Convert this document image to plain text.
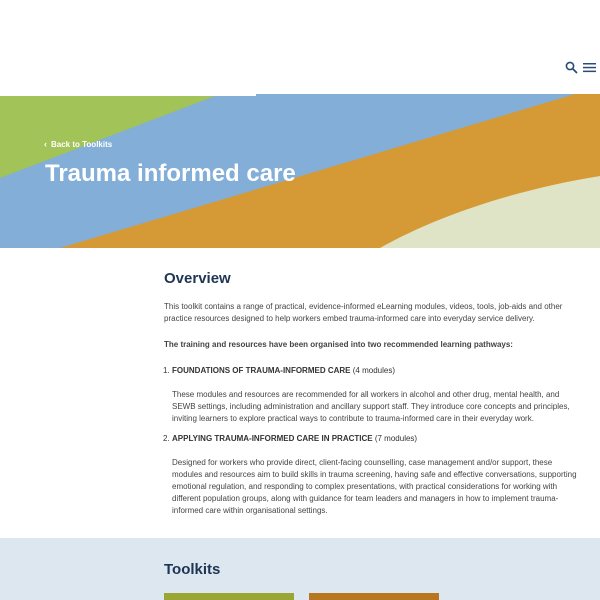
‹ Back to Toolkits
Trauma informed care
Overview

This toolkit contains a range of practical, evidence-informed eLearning modules, videos, tools, job-aids and other practice resources designed to help workers embed trauma-informed care into everyday service delivery.

The training and resources have been organised into two recommended learning pathways:

1. FOUNDATIONS OF TRAUMA-INFORMED CARE (4 modules)

These modules and resources are recommended for all workers in alcohol and other drug, mental health, and SEWB settings, including administration and ancillary support staff. They introduce core concepts and principles, inviting learners to explore practical ways to contribute to trauma-informed care in their everyday work.

2. APPLYING TRAUMA-INFORMED CARE IN PRACTICE (7 modules)

Designed for workers who provide direct, client-facing counselling, case management and/or support, these modules and resources aim to build skills in trauma screening, having safe and effective conversations, supporting emotional regulation, and responding to complex presentations, with practical considerations for working with different population groups, along with guidance for team leaders and managers in how to implement trauma-informed care within organisational settings.

Toolkits
